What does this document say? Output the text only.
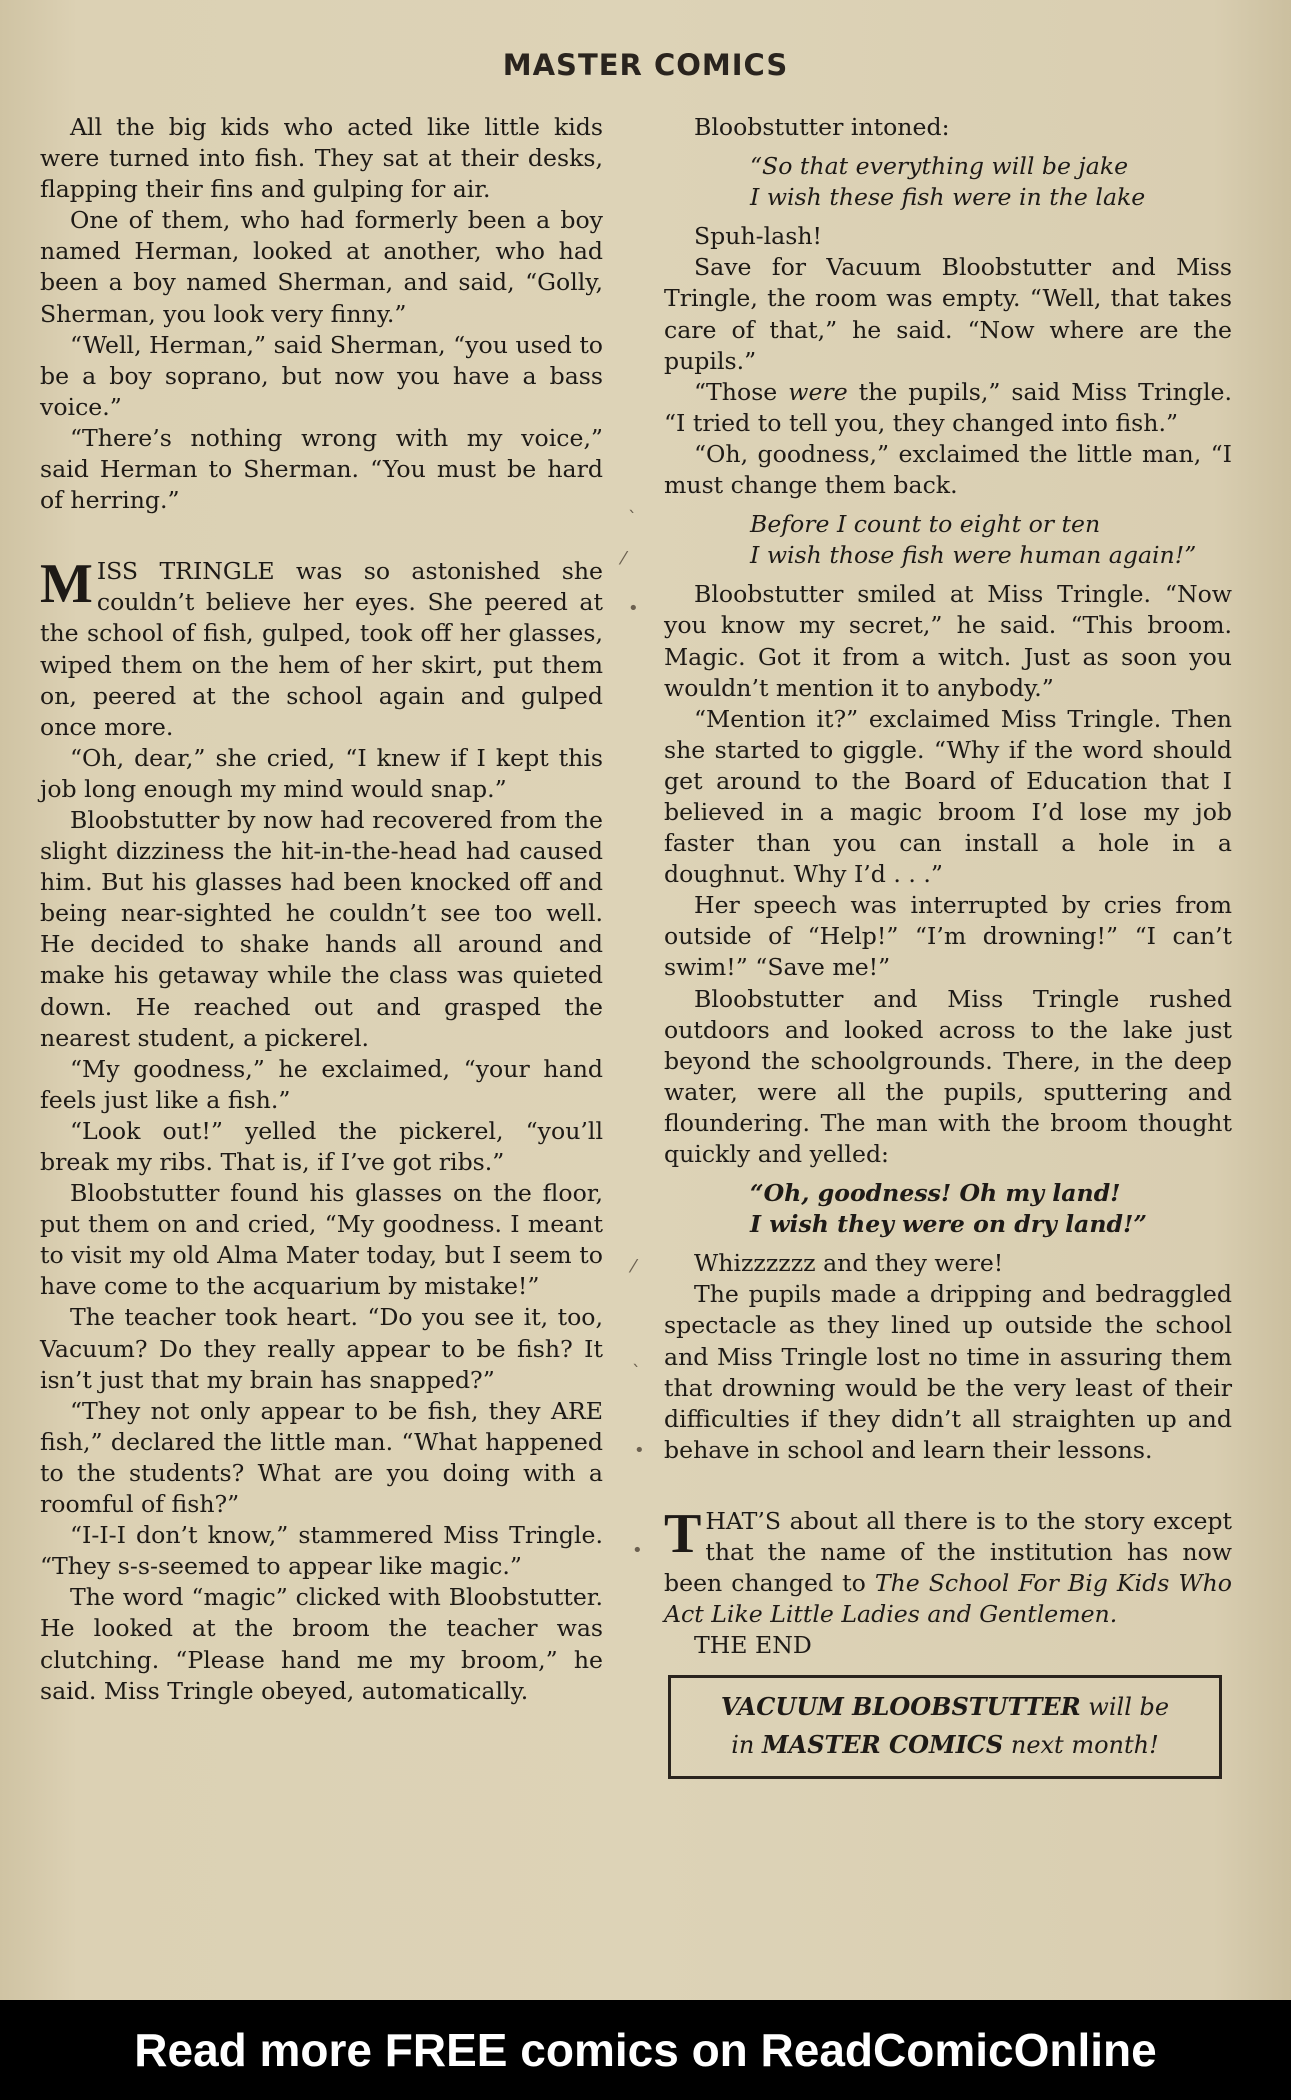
MASTER COMICS

All the big kids who acted like little kids were turned into fish. They sat at their desks, flapping their fins and gulping for air.

One of them, who had formerly been a boy named Herman, looked at another, who had been a boy named Sherman, and said, “Golly, Sherman, you look very finny.”

“Well, Herman,” said Sherman, “you used to be a boy soprano, but now you have a bass voice.”

“There’s nothing wrong with my voice,” said Herman to Sherman. “You must be hard of herring.”

MISS TRINGLE was so astonished she couldn’t believe her eyes. She peered at the school of fish, gulped, took off her glasses, wiped them on the hem of her skirt, put them on, peered at the school again and gulped once more.

“Oh, dear,” she cried, “I knew if I kept this job long enough my mind would snap.”

Bloobstutter by now had recovered from the slight dizziness the hit-in-the-head had caused him. But his glasses had been knocked off and being near-sighted he couldn’t see too well. He decided to shake hands all around and make his getaway while the class was quieted down. He reached out and grasped the nearest student, a pickerel.

“My goodness,” he exclaimed, “your hand feels just like a fish.”

“Look out!” yelled the pickerel, “you’ll break my ribs. That is, if I’ve got ribs.”

Bloobstutter found his glasses on the floor, put them on and cried, “My goodness. I meant to visit my old Alma Mater today, but I seem to have come to the acquarium by mistake!”

The teacher took heart. “Do you see it, too, Vacuum? Do they really appear to be fish? It isn’t just that my brain has snapped?”

“They not only appear to be fish, they ARE fish,” declared the little man. “What happened to the students? What are you doing with a roomful of fish?”

“I-I-I don’t know,” stammered Miss Tringle. “They s-s-seemed to appear like magic.”

The word “magic” clicked with Bloobstutter. He looked at the broom the teacher was clutching. “Please hand me my broom,” he said. Miss Tringle obeyed, automatically.

Bloobstutter intoned:

“So that everything will be jake

I wish these fish were in the lake

Spuh-lash!

Save for Vacuum Bloobstutter and Miss Tringle, the room was empty. “Well, that takes care of that,” he said. “Now where are the pupils.”

“Those were the pupils,” said Miss Tringle. “I tried to tell you, they changed into fish.”

“Oh, goodness,” exclaimed the little man, “I must change them back.

Before I count to eight or ten

I wish those fish were human again!”

Bloobstutter smiled at Miss Tringle. “Now you know my secret,” he said. “This broom. Magic. Got it from a witch. Just as soon you wouldn’t mention it to anybody.”

“Mention it?” exclaimed Miss Tringle. Then she started to giggle. “Why if the word should get around to the Board of Education that I believed in a magic broom I’d lose my job faster than you can install a hole in a doughnut. Why I’d . . .”

Her speech was interrupted by cries from outside of “Help!” “I’m drowning!” “I can’t swim!” “Save me!”

Bloobstutter and Miss Tringle rushed outdoors and looked across to the lake just beyond the schoolgrounds. There, in the deep water, were all the pupils, sputtering and floundering. The man with the broom thought quickly and yelled:

“Oh, goodness! Oh my land!

I wish they were on dry land!”

Whizzzzzz and they were!

The pupils made a dripping and bedraggled spectacle as they lined up outside the school and Miss Tringle lost no time in assuring them that drowning would be the very least of their difficulties if they didn’t all straighten up and behave in school and learn their lessons.

THAT’S about all there is to the story except that the name of the institution has now been changed to The School For Big Kids Who Act Like Little Ladies and Gentlemen.

THE END

VACUUM BLOOBSTUTTER will be
in MASTER COMICS next month!
ˋ
⁄
•
⁄
ˋ
•
•
Read more FREE comics on ReadComicOnline
